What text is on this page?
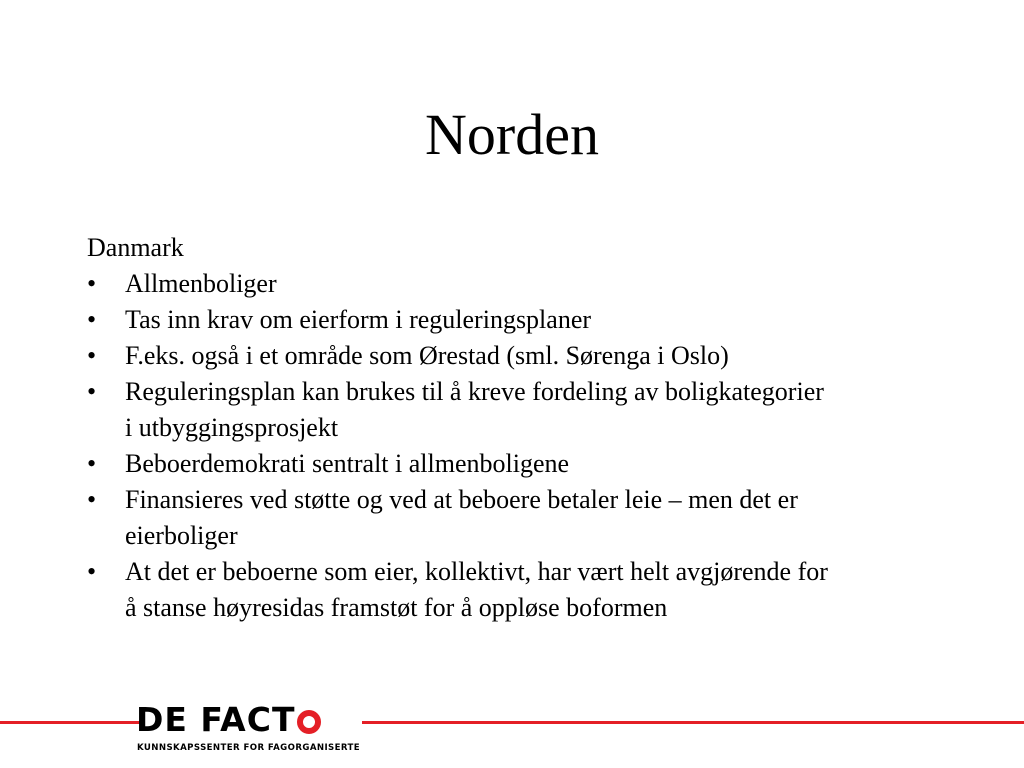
Norden

Danmark

• Allmenboliger
• Tas inn krav om eierform i reguleringsplaner
• F.eks. også i et område som Ørestad (sml. Sørenga i Oslo)
• Reguleringsplan kan brukes til å kreve fordeling av boligkategorier
i utbyggingsprosjekt
• Beboerdemokrati sentralt i allmenboligene
• Finansieres ved støtte og ved at beboere betaler leie – men det er
eierboliger
• At det er beboerne som eier, kollektivt, har vært helt avgjørende for
å stanse høyresidas framstøt for å oppløse boformen
DE FACT
KUNNSKAPSSENTER FOR FAGORGANISERTE
